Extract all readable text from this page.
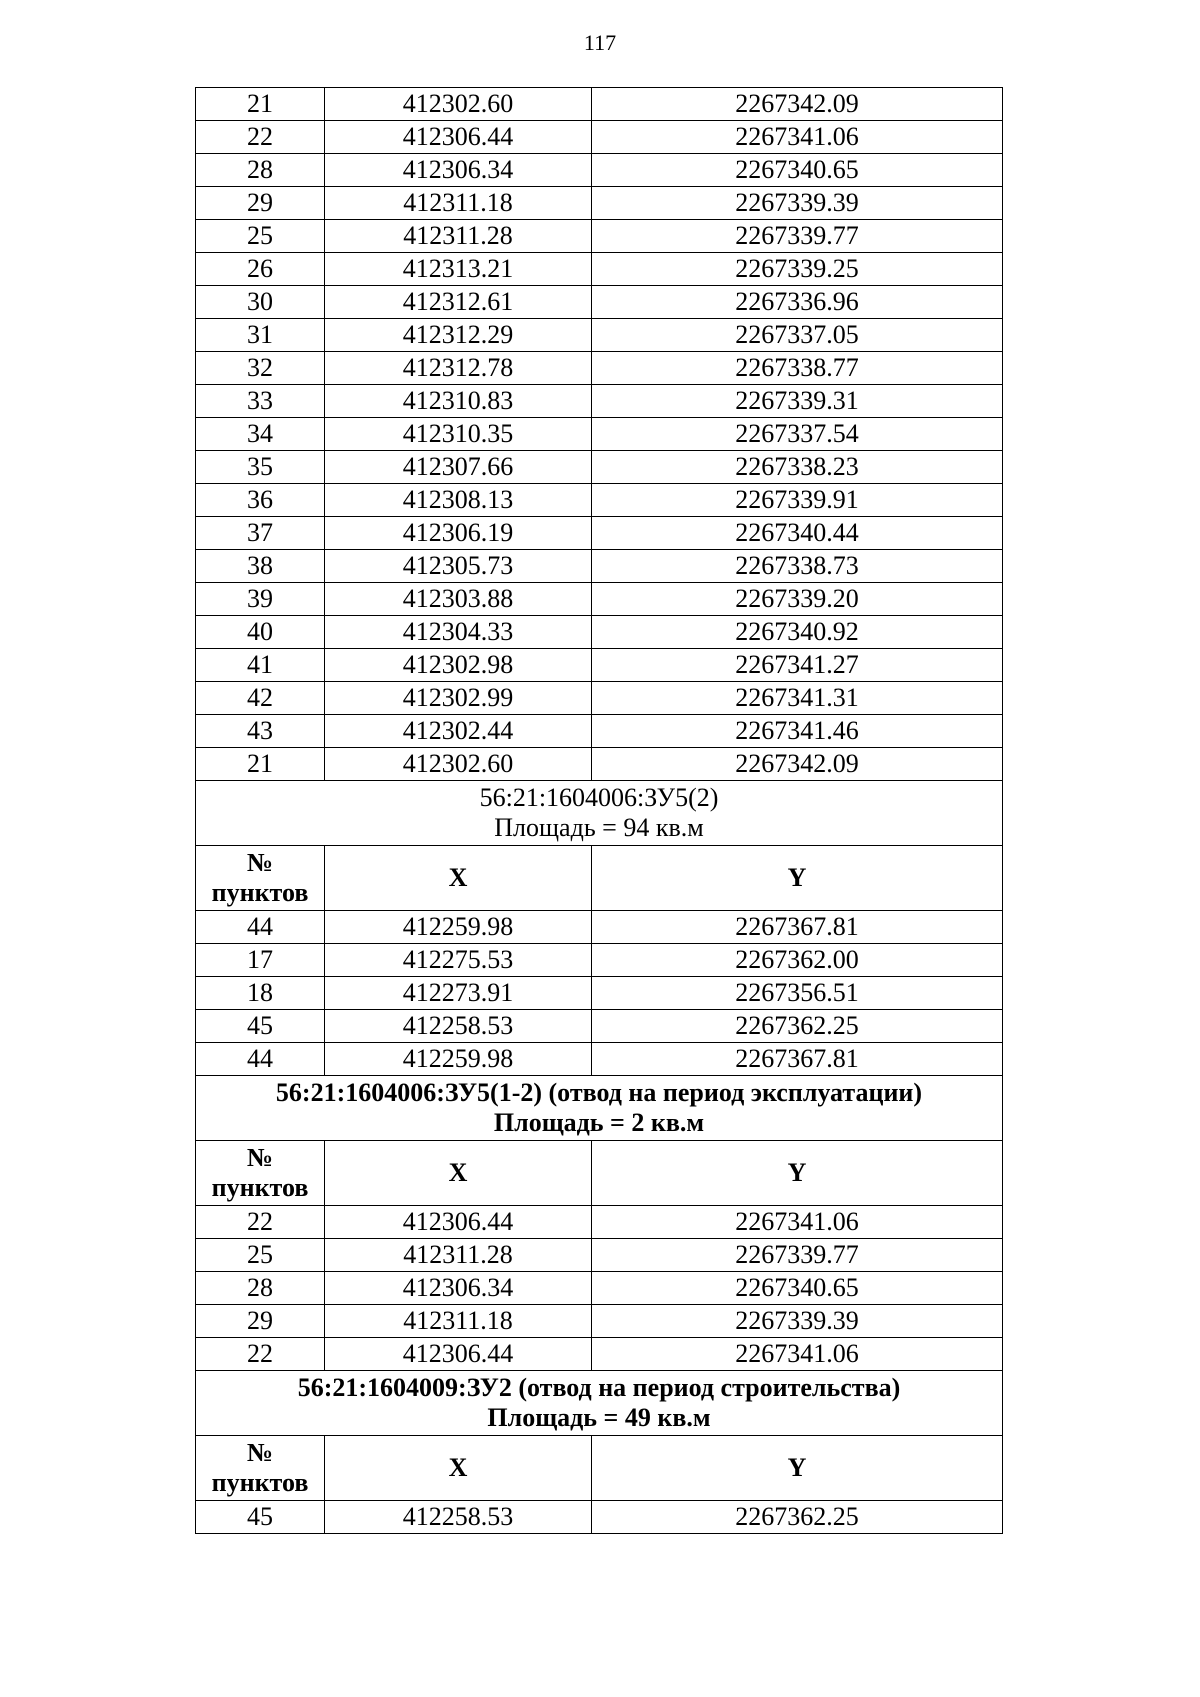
117
21	412302.60	2267342.09
22	412306.44	2267341.06
28	412306.34	2267340.65
29	412311.18	2267339.39
25	412311.28	2267339.77
26	412313.21	2267339.25
30	412312.61	2267336.96
31	412312.29	2267337.05
32	412312.78	2267338.77
33	412310.83	2267339.31
34	412310.35	2267337.54
35	412307.66	2267338.23
36	412308.13	2267339.91
37	412306.19	2267340.44
38	412305.73	2267338.73
39	412303.88	2267339.20
40	412304.33	2267340.92
41	412302.98	2267341.27
42	412302.99	2267341.31
43	412302.44	2267341.46
21	412302.60	2267342.09

56:21:1604006:ЗУ5(2)
Площадь = 94 кв.м		

№
пунктов	X	Y
44	412259.98	2267367.81
17	412275.53	2267362.00
18	412273.91	2267356.51
45	412258.53	2267362.25
44	412259.98	2267367.81

56:21:1604006:ЗУ5(1-2) (отвод на период эксплуатации)
Площадь = 2 кв.м		

№
пунктов	X	Y
22	412306.44	2267341.06
25	412311.28	2267339.77
28	412306.34	2267340.65
29	412311.18	2267339.39
22	412306.44	2267341.06

56:21:1604009:ЗУ2 (отвод на период строительства)
Площадь = 49 кв.м		

№
пунктов	X	Y
45	412258.53	2267362.25
